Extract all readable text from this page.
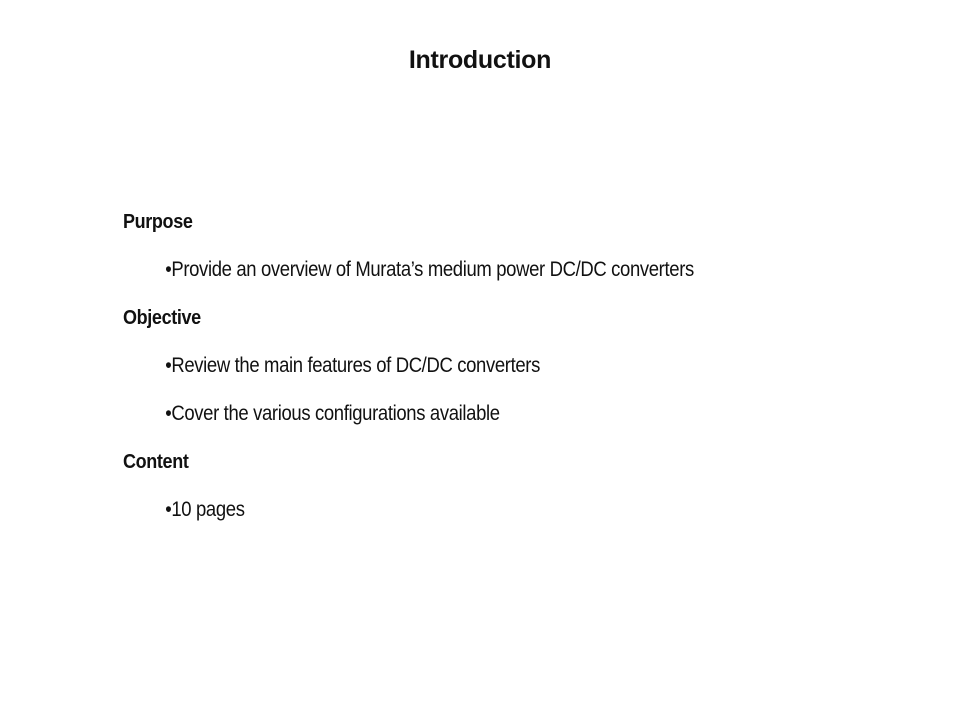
Introduction
Purpose
•Provide an overview of Murata’s medium power DC/DC converters
Objective
•Review the main features of DC/DC converters
•Cover the various configurations available
Content
•10 pages
